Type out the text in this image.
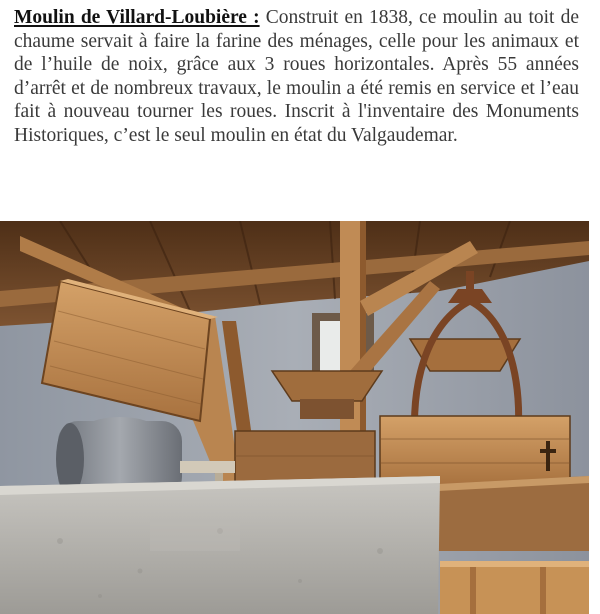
Moulin de Villard-Loubière : Construit en 1838, ce moulin au toit de chaume servait à faire la farine des ménages, celle pour les animaux et de l’huile de noix, grâce aux 3 roues horizontales. Après 55 années d’arrêt et de nombreux travaux, le moulin a été remis en service et l’eau fait à nouveau tourner les roues. Inscrit à l'inventaire des Monuments Historiques, c’est le seul moulin en état du Valgaudemar.
